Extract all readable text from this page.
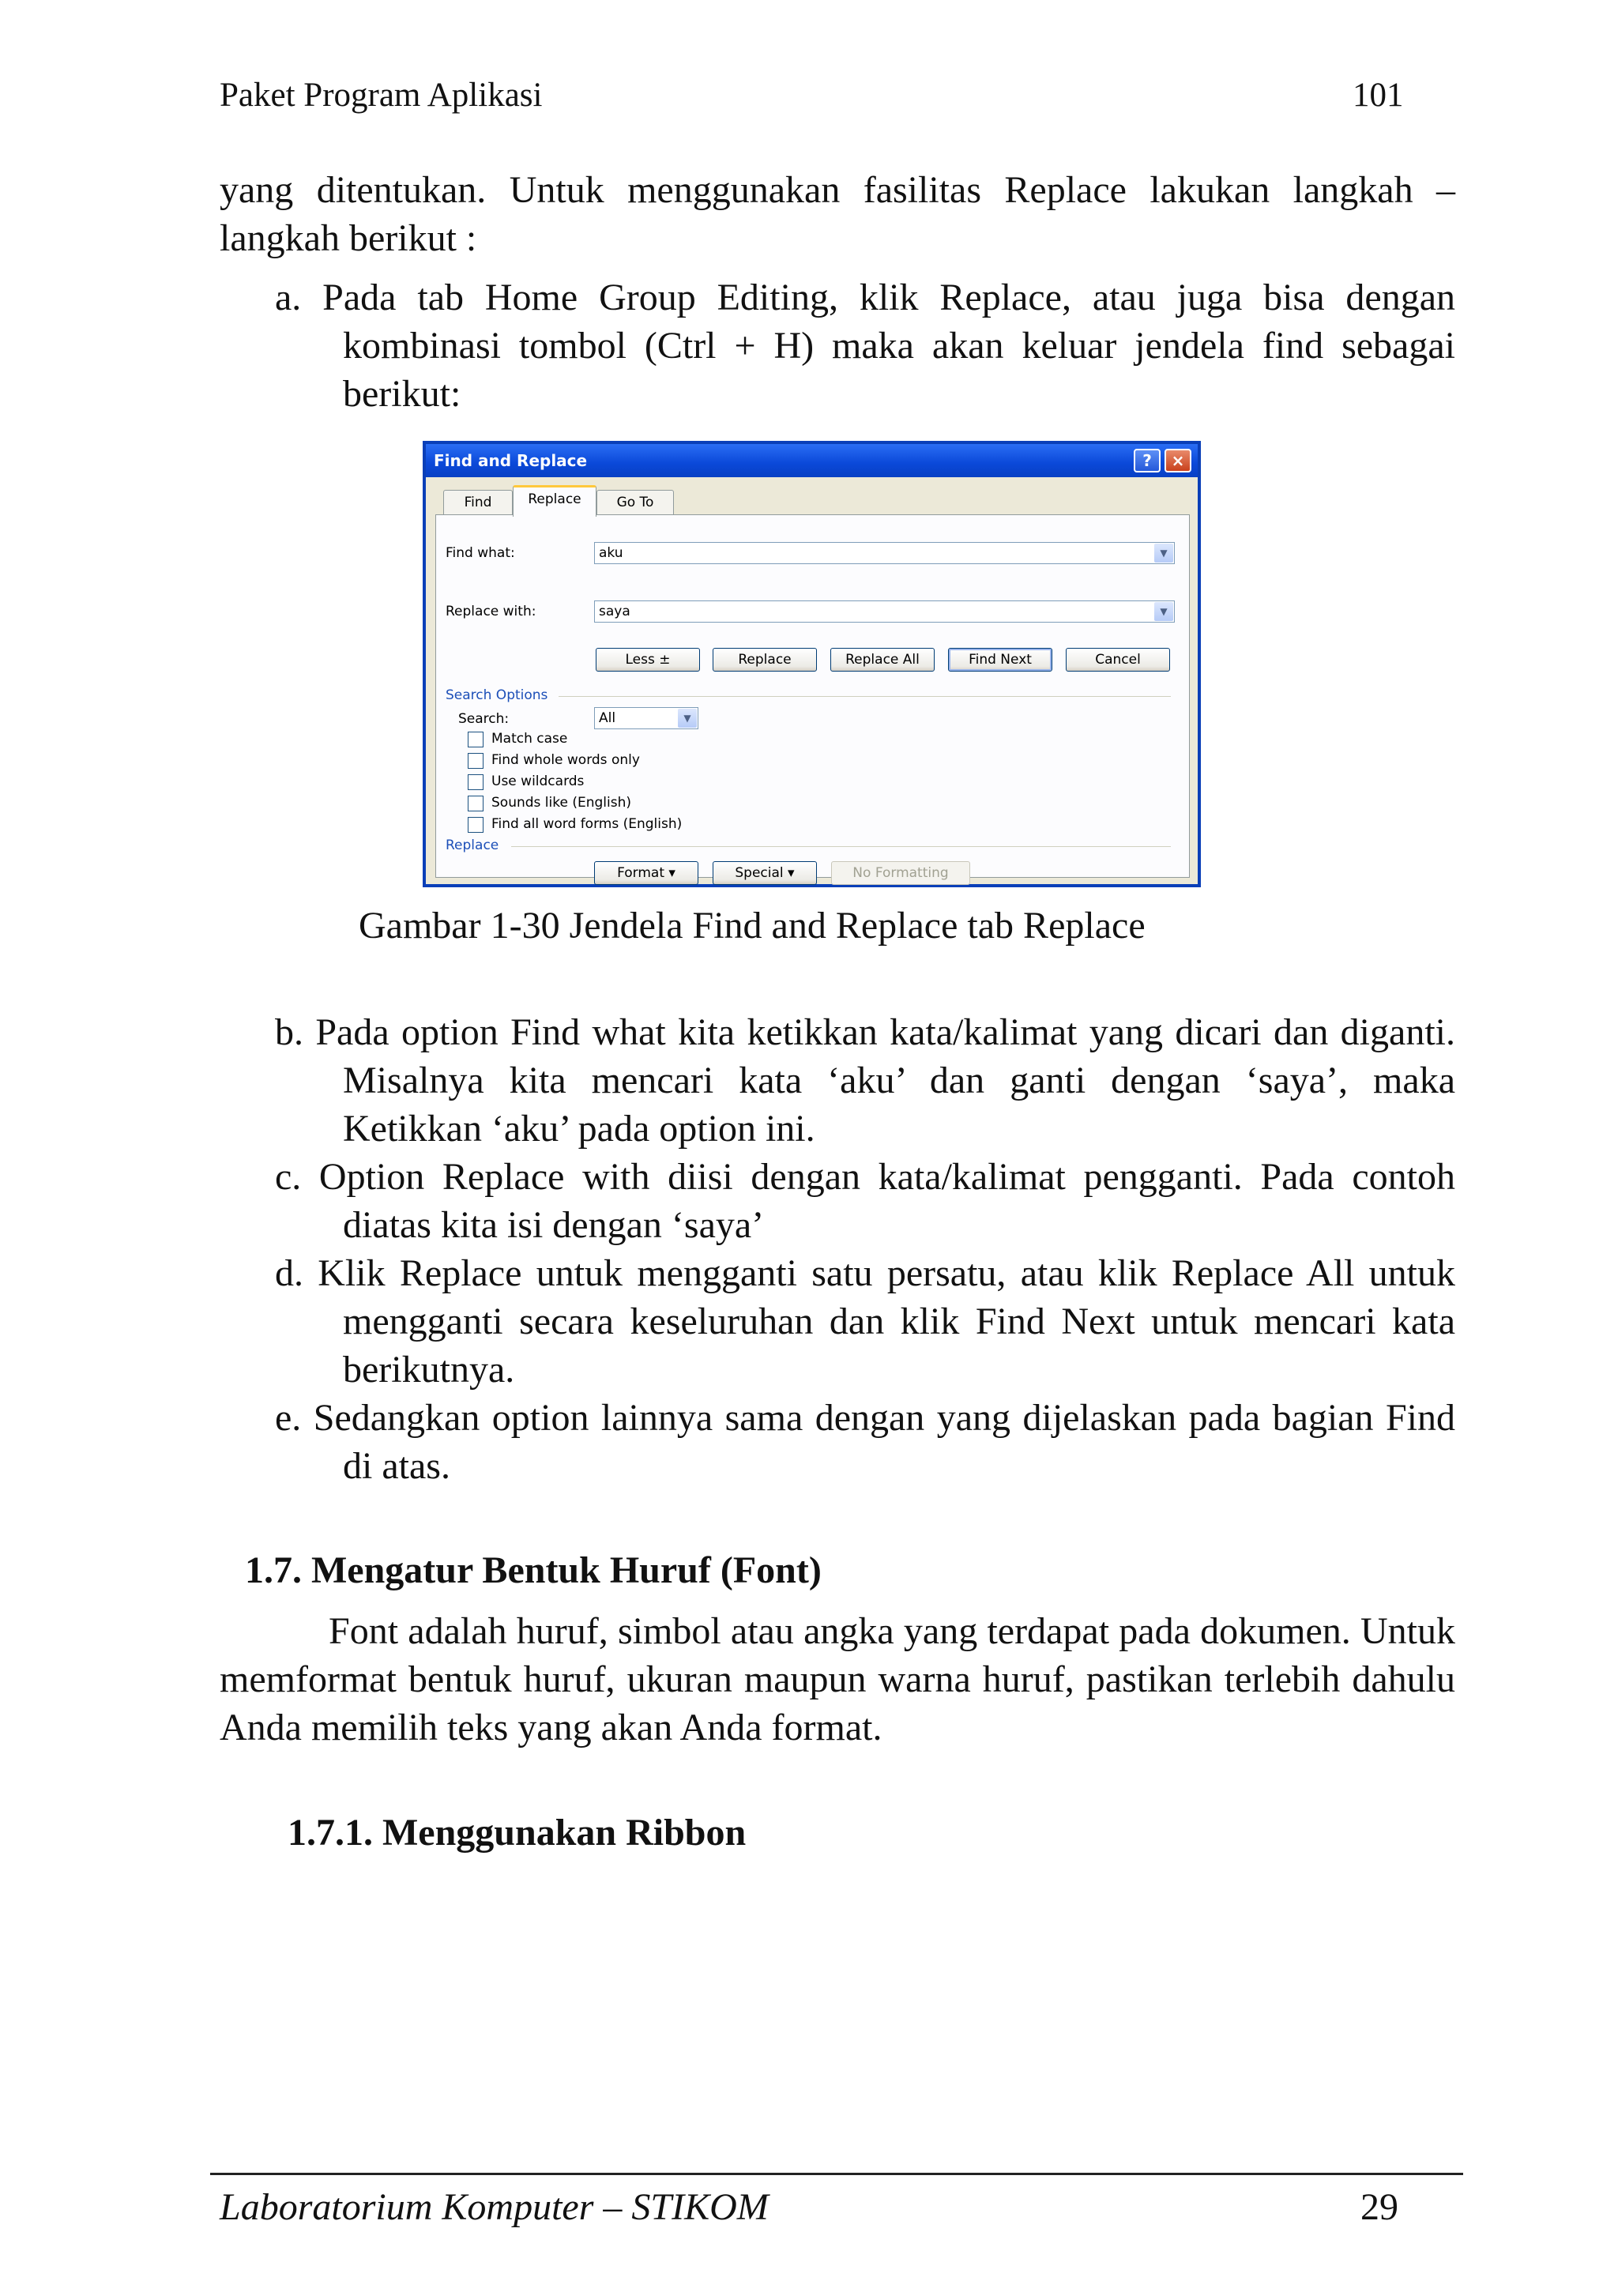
Paket Program Aplikasi	101

yang ditentukan. Untuk menggunakan fasilitas Replace lakukan langkah – langkah berikut :

a. Pada tab Home Group Editing, klik Replace, atau juga bisa dengan kombinasi tombol (Ctrl + H) maka akan keluar jendela find sebagai berikut:

Find and Replace	?	×
Find	Replace	Go To
Find what:	aku	▼
Replace with:	saya	▼
Less ±	Replace	Replace All	Find Next	Cancel
Search Options
Search:	All	▼
Match case
Find whole words only
Use wildcards
Sounds like (English)
Find all word forms (English)
Replace
Format ▾	Special ▾	No Formatting
Gambar 1-30 Jendela Find and Replace tab Replace

b. Pada option Find what kita ketikkan kata/kalimat yang dicari dan diganti. Misalnya kita mencari kata ‘aku’ dan ganti dengan ‘saya’, maka Ketikkan ‘aku’ pada option ini.

c. Option Replace with diisi dengan kata/kalimat pengganti. Pada contoh diatas kita isi dengan ‘saya’

d. Klik Replace untuk mengganti satu persatu, atau klik Replace All untuk mengganti secara keseluruhan dan klik Find Next untuk mencari kata berikutnya.

e. Sedangkan option lainnya sama dengan yang dijelaskan pada bagian Find di atas.

1.7. Mengatur Bentuk Huruf (Font)

Font adalah huruf, simbol atau angka yang terdapat pada dokumen. Untuk memformat bentuk huruf, ukuran maupun warna huruf, pastikan terlebih dahulu Anda memilih teks yang akan Anda format.

1.7.1. Menggunakan Ribbon
Laboratorium Komputer – STIKOM	29
